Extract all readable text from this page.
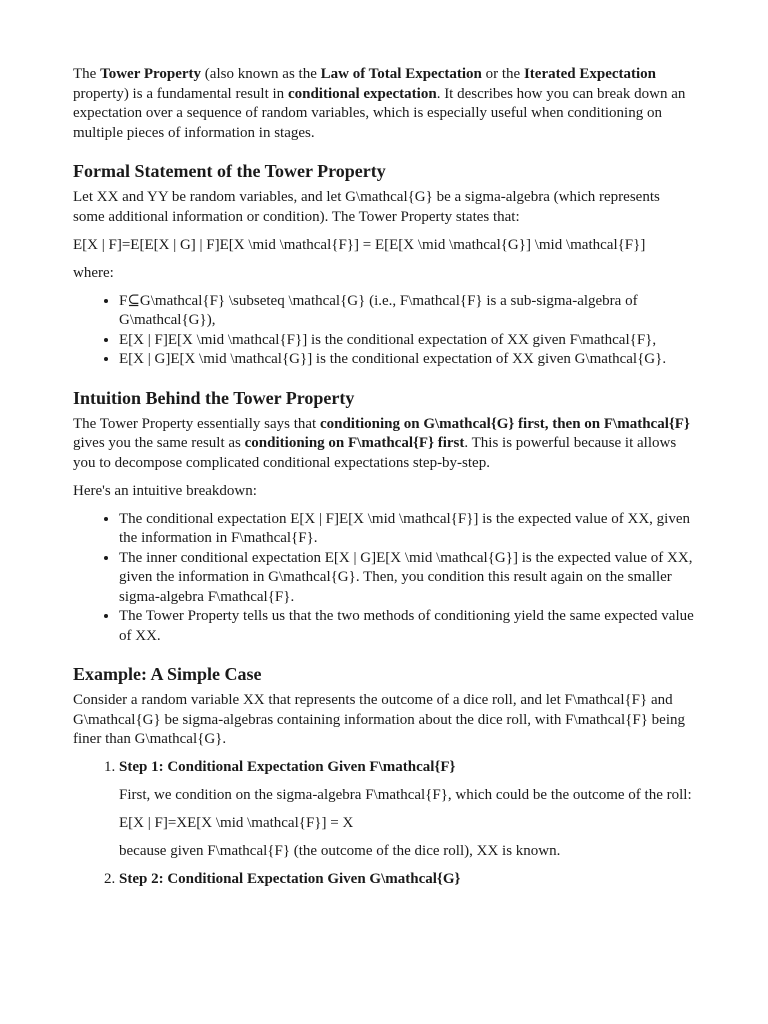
The Tower Property (also known as the Law of Total Expectation or the Iterated Expectation property) is a fundamental result in conditional expectation. It describes how you can break down an expectation over a sequence of random variables, which is especially useful when conditioning on multiple pieces of information in stages.

Formal Statement of the Tower Property

Let XX and YY be random variables, and let G\mathcal{G} be a sigma-algebra (which represents some additional information or condition). The Tower Property states that:

E[X | F]=E[E[X | G] | F]E[X \mid \mathcal{F}] = E[E[X \mid \mathcal{G}] \mid \mathcal{F}]

where:

• F⊆G\mathcal{F} \subseteq \mathcal{G} (i.e., F\mathcal{F} is a sub-sigma-algebra of G\mathcal{G}),
• E[X | F]E[X \mid \mathcal{F}] is the conditional expectation of XX given F\mathcal{F},
• E[X | G]E[X \mid \mathcal{G}] is the conditional expectation of XX given G\mathcal{G}.
Intuition Behind the Tower Property

The Tower Property essentially says that conditioning on G\mathcal{G} first, then on F\mathcal{F} gives you the same result as conditioning on F\mathcal{F} first. This is powerful because it allows you to decompose complicated conditional expectations step-by-step.

Here's an intuitive breakdown:

• The conditional expectation E[X | F]E[X \mid \mathcal{F}] is the expected value of XX, given the information in F\mathcal{F}.
• The inner conditional expectation E[X | G]E[X \mid \mathcal{G}] is the expected value of XX, given the information in G\mathcal{G}. Then, you condition this result again on the smaller sigma-algebra F\mathcal{F}.
• The Tower Property tells us that the two methods of conditioning yield the same expected value of XX.
Example: A Simple Case

Consider a random variable XX that represents the outcome of a dice roll, and let F\mathcal{F} and G\mathcal{G} be sigma-algebras containing information about the dice roll, with F\mathcal{F} being finer than G\mathcal{G}.

1. Step 1: Conditional Expectation Given F\mathcal{F}

First, we condition on the sigma-algebra F\mathcal{F}, which could be the outcome of the roll:

E[X | F]=XE[X \mid \mathcal{F}] = X

because given F\mathcal{F} (the outcome of the dice roll), XX is known.

2. Step 2: Conditional Expectation Given G\mathcal{G}
